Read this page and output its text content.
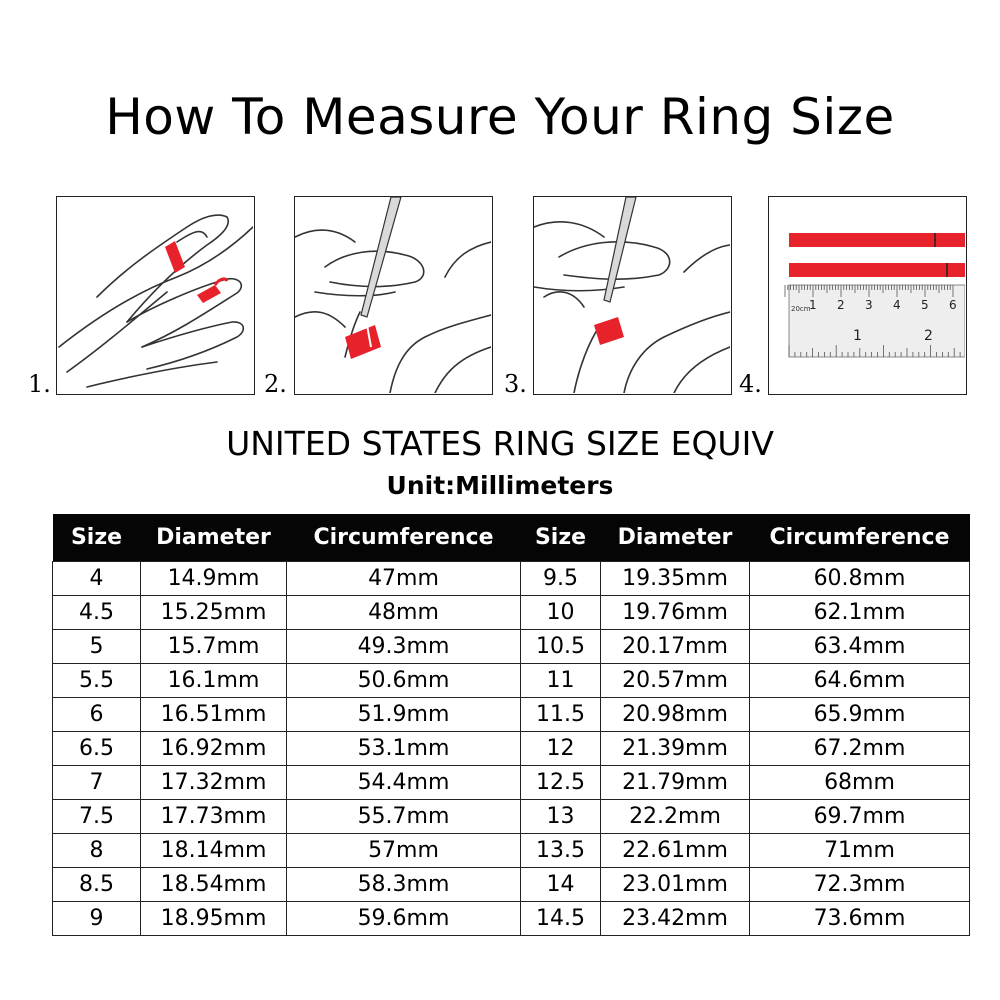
How To Measure Your Ring Size
1.	2.	3.	4.
20cm
1 2 3 4 5 6
1	2
UNITED STATES RING SIZE EQUIV
Unit:Millimeters
Size	Diameter	Circumference	Size	Diameter	Circumference
4	14.9mm	47mm	9.5	19.35mm	60.8mm
4.5	15.25mm	48mm	10	19.76mm	62.1mm
5	15.7mm	49.3mm	10.5	20.17mm	63.4mm
5.5	16.1mm	50.6mm	11	20.57mm	64.6mm
6	16.51mm	51.9mm	11.5	20.98mm	65.9mm
6.5	16.92mm	53.1mm	12	21.39mm	67.2mm
7	17.32mm	54.4mm	12.5	21.79mm	68mm
7.5	17.73mm	55.7mm	13	22.2mm	69.7mm
8	18.14mm	57mm	13.5	22.61mm	71mm
8.5	18.54mm	58.3mm	14	23.01mm	72.3mm
9	18.95mm	59.6mm	14.5	23.42mm	73.6mm
